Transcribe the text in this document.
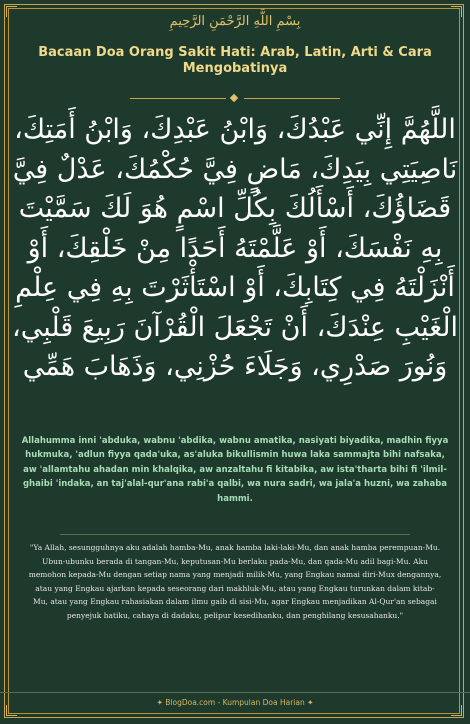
بِسْمِ اللَّهِ الرَّحْمَنِ الرَّحِيمِ
Bacaan Doa Orang Sakit Hati: Arab, Latin, Arti & Cara Mengobatinya
اللَّهُمَّ إِنِّي عَبْدُكَ، وَابْنُ عَبْدِكَ، وَابْنُ أَمَتِكَ، نَاصِيَتِي بِيَدِكَ، مَاضٍ فِيَّ حُكْمُكَ، عَدْلٌ فِيَّ قَضَاؤُكَ، أَسْأَلُكَ بِكُلِّ اسْمٍ هُوَ لَكَ سَمَّيْتَ بِهِ نَفْسَكَ، أَوْ عَلَّمْتَهُ أَحَدًا مِنْ خَلْقِكَ، أَوْ أَنْزَلْتَهُ فِي كِتَابِكَ، أَوْ اسْتَأْثَرْتَ بِهِ فِي عِلْمِ الْغَيْبِ عِنْدَكَ، أَنْ تَجْعَلَ الْقُرْآنَ رَبِيعَ قَلْبِي، وَنُورَ صَدْرِي، وَجَلَاءَ حُزْنِي، وَذَهَابَ هَمِّي
Allahumma inni 'abduka, wabnu 'abdika, wabnu amatika, nasiyati biyadika, madhin fiyya hukmuka, 'adlun fiyya qada'uka, as'aluka bikullismin huwa laka sammajta bihi nafsaka, aw 'allamtahu ahadan min khalqika, aw anzaltahu fi kitabika, aw ista'tharta bihi fi 'ilmil-ghaibi 'indaka, an taj'alal-qur'ana rabi'a qalbi, wa nura sadri, wa jala'a huzni, wa zahaba hammi.
"Ya Allah, sesungguhnya aku adalah hamba-Mu, anak hamba laki-laki-Mu, dan anak hamba perempuan-Mu. Ubun-ubunku berada di tangan-Mu, keputusan-Mu berlaku pada-Mu, dan qada-Mu adil bagi-Mu. Aku memohon kepada-Mu dengan setiap nama yang menjadi milik-Mu, yang Engkau namai diri-Mux dengannya, atau yang Engkau ajarkan kepada seseorang dari makhluk-Mu, atau yang Engkau turunkan dalam kitab-Mu, atau yang Engkau rahasiakan dalam ilmu gaib di sisi-Mu, agar Engkau menjadikan Al-Qur'an sebagai penyejuk hatiku, cahaya di dadaku, pelipur kesedihanku, dan penghilang kesusahanku."
✦ BlogDoa.com - Kumpulan Doa Harian ✦
